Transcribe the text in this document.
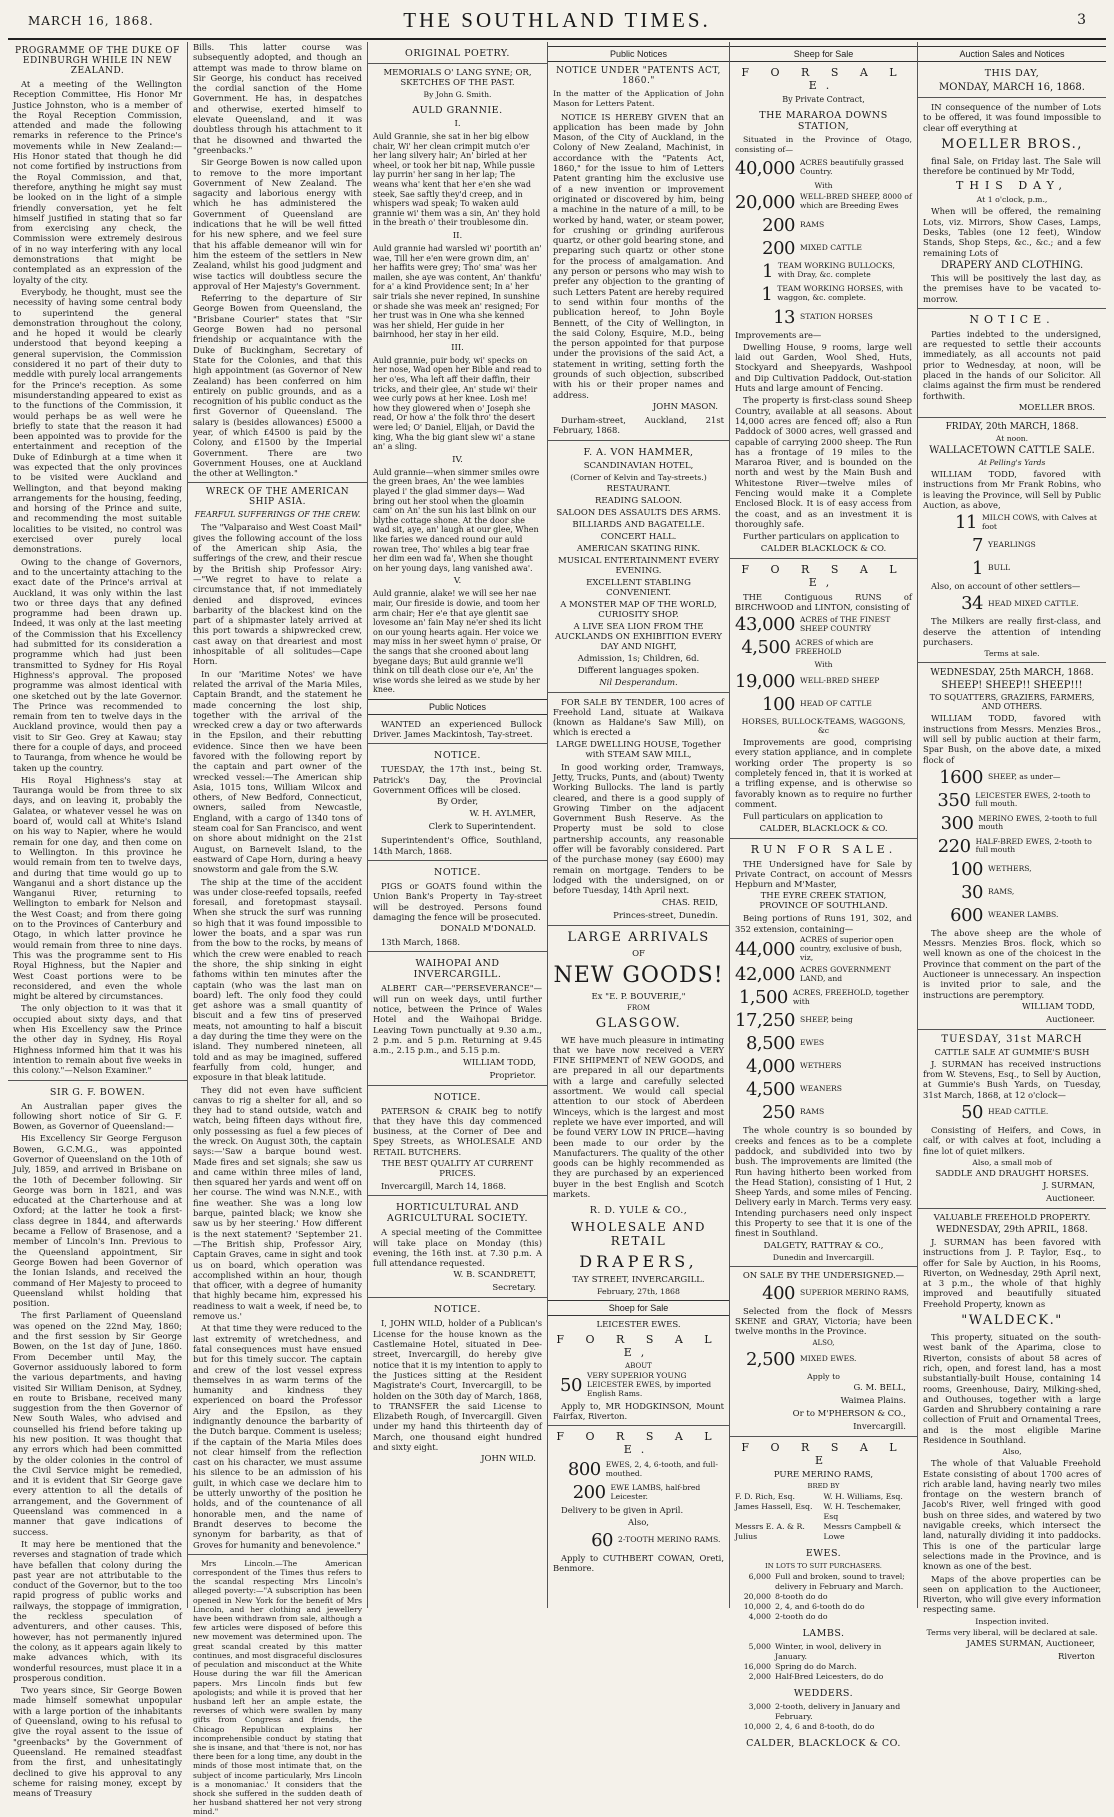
MARCH 16, 1868.	THE SOUTHLAND TIMES.	3
PROGRAMME OF THE DUKE OF EDINBURGH WHILE IN NEW ZEALAND.

At a meeting of the Wellington Reception Committee, His Honor Mr Justice Johnston, who is a member of the Royal Reception Commission, attended and made the following remarks in reference to the Prince's movements while in New Zealand:—His Honor stated that though he did not come fortified by instructions from the Royal Commission, and that, therefore, anything he might say must be looked on in the light of a simple friendly conversation, yet he felt himself justified in stating that so far from exercising any check, the Commission were extremely desirous of in no way interfering with any local demonstrations that might be contemplated as an expression of the loyalty of the city.

Everybody, he thought, must see the necessity of having some central body to superintend the general demonstration throughout the colony, and he hoped it would be clearly understood that beyond keeping a general supervision, the Commission considered it no part of their duty to meddle with purely local arrangements for the Prince's reception. As some misunderstanding appeared to exist as to the functions of the Commission, it would perhaps be as well were he briefly to state that the reason it had been appointed was to provide for the entertainment and reception of the Duke of Edinburgh at a time when it was expected that the only provinces to be visited were Auckland and Wellington, and that beyond making arrangements for the housing, feeding, and horsing of the Prince and suite, and recommending the most suitable localities to be visited, no control was exercised over purely local demonstrations.

Owing to the change of Governors, and to the uncertainty attaching to the exact date of the Prince's arrival at Auckland, it was only within the last two or three days that any defined programme had been drawn up. Indeed, it was only at the last meeting of the Commission that his Excellency had submitted for its consideration a programme which had just been transmitted to Sydney for His Royal Highness's approval. The proposed programme was almost identical with one sketched out by the late Governor. The Prince was recommended to remain from ten to twelve days in the Auckland province, would then pay a visit to Sir Geo. Grey at Kawau; stay there for a couple of days, and proceed to Tauranga, from whence he would be taken up the country.

His Royal Highness's stay at Tauranga would be from three to six days, and on leaving it, probably the Galatea, or whatever vessel he was on board of, would call at White's Island on his way to Napier, where he would remain for one day, and then come on to Wellington. In this province he would remain from ten to twelve days, and during that time would go up to Wanganui and a short distance up the Wanganui River, returning to Wellington to embark for Nelson and the West Coast; and from there going on to the Provinces of Canterbury and Otago, in which latter province he would remain from three to nine days. This was the programme sent to His Royal Highness, but the Napier and West Coast portions were to be reconsidered, and even the whole might be altered by circumstances.

The only objection to it was that it occupied about sixty days, and that when His Excellency saw the Prince the other day in Sydney, His Royal Highness informed him that it was his intention to remain about five weeks in this colony."—Nelson Examiner."

SIR G. F. BOWEN.

An Australian paper gives the following short notice of Sir G. F. Bowen, as Governor of Queensland:—

His Excellency Sir George Ferguson Bowen, G.C.M.G., was appointed Governor of Queensland on the 10th of July, 1859, and arrived in Brisbane on the 10th of December following. Sir George was born in 1821, and was educated at the Charterhouse and at Oxford; at the latter he took a first-class degree in 1844, and afterwards became a Fellow of Brasenose, and a member of Lincoln's Inn. Previous to the Queensland appointment, Sir George Bowen had been Governor of the Ionian Islands, and received the command of Her Majesty to proceed to Queensland whilst holding that position.

The first Parliament of Queensland was opened on the 22nd May, 1860; and the first session by Sir George Bowen, on the 1st day of June, 1860. From December until May, the Governor assiduously labored to form the various departments, and having visited Sir William Denison, at Sydney, en route to Brisbane, received many suggestion from the then Governor of New South Wales, who advised and counselled his friend before taking up his new position. It was thought that any errors which had been committed by the older colonies in the control of the Civil Service might be remedied, and it is evident that Sir George gave every attention to all the details of arrangement, and the Government of Queensland was commenced in a manner that gave indications of success.

It may here be mentioned that the reverses and stagnation of trade which have befallen that colony during the past year are not attributable to the conduct of the Governor, but to the too rapid progress of public works and railways, the stoppage of immigration, the reckless speculation of adventurers, and other causes. This, however, has not permanently injured the colony, as it appears again likely to make advances which, with its wonderful resources, must place it in a prosperous condition.

Two years since, Sir George Bowen made himself somewhat unpopular with a large portion of the inhabitants of Queensland, owing to his refusal to give the royal assent to the issue of "greenbacks" by the Government of Queensland. He remained steadfast from the first, and unhesitatingly declined to give his approval to any scheme for raising money, except by means of Treasury

Bills. This latter course was subsequently adopted, and though an attempt was made to throw blame on Sir George, his conduct has received the cordial sanction of the Home Government. He has, in despatches and otherwise, exerted himself to elevate Queensland, and it was doubtless through his attachment to it that he disowned and thwarted the "greenbacks."

Sir George Bowen is now called upon to remove to the more important Government of New Zealand. The sagacity and laborious energy with which he has administered the Government of Queensland are indications that he will be well fitted for his new sphere, and we feel sure that his affable demeanor will win for him the esteem of the settlers in New Zealand, whilst his good judgment and wise tactics will doubtless secure the approval of Her Majesty's Government.

Referring to the departure of Sir George Bowen from Queensland, the "Brisbane Courier" states that "Sir George Bowen had no personal friendship or acquaintance with the Duke of Buckingham, Secretary of State for the Colonies, and that this high appointment (as Governor of New Zealand) has been conferred on him entirely on public grounds, and as a recognition of his public conduct as the first Governor of Queensland. The salary is (besides allowances) £5000 a year, of which £4500 is paid by the Colony, and £1500 by the Imperial Government. There are two Government Houses, one at Auckland the other at Wellington."

WRECK OF THE AMERICAN SHIP ASIA.
FEARFUL SUFFERINGS OF THE CREW.

The "Valparaiso and West Coast Mail" gives the following account of the loss of the American ship Asia, the sufferings of the crew, and their rescue by the British ship Professor Airy:—"We regret to have to relate a circumstance that, if not immediately denied and disproved, evinces barbarity of the blackest kind on the part of a shipmaster lately arrived at this port towards a shipwrecked crew, cast away on that dreariest and most inhospitable of all solitudes—Cape Horn.

In our 'Maritime Notes' we have related the arrival of the Maria Miles, Captain Brandt, and the statement he made concerning the lost ship, together with the arrival of the wrecked crew a day or two afterwards in the Epsilon, and their rebutting evidence. Since then we have been favored with the following report by the captain and part owner of the wrecked vessel:—The American ship Asia, 1015 tons, William Wilcox and others, of New Bedford, Connecticut, owners, sailed from Newcastle, England, with a cargo of 1340 tons of steam coal for San Francisco, and went on shore about midnight on the 21st August, on Barnevelt Island, to the eastward of Cape Horn, during a heavy snowstorm and gale from the S.W.

The ship at the time of the accident was under close-reefed topsails, reefed foresail, and foretopmast staysail. When she struck the surf was running so high that it was found impossible to lower the boats, and a spar was run from the bow to the rocks, by means of which the crew were enabled to reach the shore, the ship sinking in eight fathoms within ten minutes after the captain (who was the last man on board) left. The only food they could get ashore was a small quantity of biscuit and a few tins of preserved meats, not amounting to half a biscuit a day during the time they were on the island. They numbered nineteen, all told and as may be imagined, suffered fearfully from cold, hunger, and exposure in that bleak latitude.

They did not even have sufficient canvas to rig a shelter for all, and so they had to stand outside, watch and watch, being fifteen days without fire, only possessing as fuel a few pieces of the wreck. On August 30th, the captain says:—'Saw a barque bound west. Made fires and set signals; she saw us and came within three miles of land, then squared her yards and went off on her course. The wind was N.N.E., with fine weather. She was a long low barque, painted black; we know she saw us by her steering.' How different is the next statement? 'September 21.—The British ship, Professor Airy, Captain Graves, came in sight and took us on board, which operation was accomplished within an hour, though that officer, with a degree of humanity that highly became him, expressed his readiness to wait a week, if need be, to remove us.'

At that time they were reduced to the last extremity of wretchedness, and fatal consequences must have ensued but for this timely succor. The captain and crew of the lost vessel express themselves in as warm terms of the humanity and kindness they experienced on board the Professor Airy and the Epsilon, as they indignantly denounce the barbarity of the Dutch barque. Comment is useless; if the captain of the Maria Miles does not clear himself from the reflection cast on his character, we must assume his silence to be an admission of his guilt, in which case we declare him to be utterly unworthy of the position he holds, and of the countenance of all honorable men, and the name of Brandt deserves to become the synonym for barbarity, as that of Groves for humanity and benevolence."

Mrs Lincoln.—The American correspondent of the Times thus refers to the scandal respecting Mrs Lincoln's alleged poverty:—"A subscription has been opened in New York for the benefit of Mrs Lincoln, and her clothing and jewellery have been withdrawn from sale, although a few articles were disposed of before this new movement was determined upon. The great scandal created by this matter continues, and most disgraceful disclosures of peculation and misconduct at the White House during the war fill the American papers. Mrs Lincoln finds but few apologists; and while it is proved that her husband left her an ample estate, the reverses of which were swallen by many gifts from Congress and friends, the Chicago Republican explains her incomprehensible conduct by stating that she is insane, and that 'there is not, nor has there been for a long time, any doubt in the minds of those most intimate that, on the subject of income particularly, Mrs Lincoln is a monomaniac.' It considers that the shock she suffered in the sudden death of her husband shattered her not very strong mind."

ORIGINAL POETRY.
MEMORIALS O' LANG SYNE; OR, SKETCHES OF THE PAST.
By John G. Smith.
AULD GRANNIE.
I.

Auld Grannie, she sat in her big elbow chair, Wi' her clean crimpit mutch o'er her lang silvery hair; An' birled at her wheel, or took her bit nap, While pussie lay purrin' her sang in her lap; The weans wha' kent that her e'en she wad steek, Sae saftly they'd creep, and in whispers wad speak; To waken auld grannie wi' them was a sin, An' they hold in the breath o' their troublesome din.

II.

Auld grannie had warsled wi' poortith an' wae, Till her e'en were grown dim, an' her haffits were grey; Tho' sma' was her mailen, she aye was content, An' thankfu' for a' a kind Providence sent; In a' her sair trials she never repined, In sunshine or shade she was meek an' resigned; For her trust was in One wha she kenned was her shield, Her guide in her bairnhood, her stay in her eild.

III.

Auld grannie, puir body, wi' specks on her nose, Wad open her Bible and read to her o'es, Wha left aff their daffin, their tricks, and their glee, An' stude wi' their wee curly pows at her knee. Losh me! how they glowered when o' Joseph she read, Or how a' the folk thro' the desert were led; O' Daniel, Elijah, or David the king, Wha the big giant slew wi' a stane an' a sling.

IV.

Auld grannie—when simmer smiles owre the green braes, An' the wee lambies played i' the glad simmer days— Wad bring out her stool when the gloamin cam' on An' the sun his last blink on our blythe cottage shone. At the door she wad sit, aye, an' laugh at our glee, When like faries we danced round our auld rowan tree, Tho' whiles a big tear frae her dim een wad fa', When she thought on her young days, lang vanished awa'.

V.

Auld grannie, alake! we will see her nae mair, Our fireside is dowie, and toom her arm chair; Her e'e that aye glentit sae lovesome an' fain May ne'er shed its licht on our young hearts again. Her voice we may miss in her sweet hymn o' praise, Or the sangs that she crooned about lang byegane days; But auld grannie we'll think on till death close our e'e, An' the wise words she leired as we stude by her knee.

Public Notices

WANTED an experienced Bullock Driver. James Mackintosh, Tay-street.

NOTICE.

TUESDAY, the 17th inst., being St. Patrick's Day, the Provincial Government Offices will be closed.

By Order,
W. H. AYLMER,
Clerk to Superintendent.

Superintendent's Office, Southland, 14th March, 1868.

NOTICE.

PIGS or GOATS found within the Union Bank's Property in Tay-street will be destroyed. Persons found damaging the fence will be prosecuted.

DONALD M'DONALD.

13th March, 1868.

WAIHOPAI AND INVERCARGILL.

ALBERT CAR—"PERSEVERANCE"—will run on week days, until further notice, between the Prince of Wales Hotel and the Waihopai Bridge. Leaving Town punctually at 9.30 a.m., 2 p.m. and 5 p.m. Returning at 9.45 a.m., 2.15 p.m., and 5.15 p.m.

WILLIAM TODD,
Proprietor.
NOTICE.

PATERSON & CRAIK beg to notify that they have this day commenced business, at the Corner of Dee and Spey Streets, as WHOLESALE AND RETAIL BUTCHERS.

THE BEST QUALITY AT CURRENT PRICES.

Invercargill, March 14, 1868.

HORTICULTURAL AND AGRICULTURAL SOCIETY.

A special meeting of the Committee will take place on Monday (this) evening, the 16th inst. at 7.30 p.m. A full attendance requested.

W. B. SCANDRETT,
Secretary.
NOTICE.

I, JOHN WILD, holder of a Publican's License for the house known as the Castlemaine Hotel, situated in Dee-street, Invercargill, do hereby give notice that it is my intention to apply to the Justices sitting at the Resident Magistrate's Court, Invercargill, to be holden on the 30th day of March, 1868, to TRANSFER the said License to Elizabeth Rough, of Invercargill. Given under my hand this thirteenth day of March, one thousand eight hundred and sixty eight.

JOHN WILD.
Public Notices
NOTICE UNDER "PATENTS ACT, 1860."

In the matter of the Application of John Mason for Letters Patent.

NOTICE IS HEREBY GIVEN that an application has been made by John Mason, of the City of Auckland, in the Colony of New Zealand, Machinist, in accordance with the "Patents Act, 1860," for the issue to him of Letters Patent granting him the exclusive use of a new invention or improvement originated or discovered by him, being a machine in the nature of a mill, to be worked by hand, water, or steam power, for crushing or grinding auriferous quartz, or other gold bearing stone, and preparing such quartz or other stone for the process of amalgamation. And any person or persons who may wish to prefer any objection to the granting of such Letters Patent are hereby required to send within four months of the publication hereof, to John Boyle Bennett, of the City of Wellington, in the said Colony, Esquire, M.D., being the person appointed for that purpose under the provisions of the said Act, a statement in writing, setting forth the grounds of such objection, subscribed with his or their proper names and address.

JOHN MASON.

Durham-street, Auckland, 21st February, 1868.

F. A. VON HAMMER,
SCANDINAVIAN HOTEL,
(Corner of Kelvin and Tay-streets.)
RESTAURANT.
READING SALOON.
SALOON DES ASSAULTS DES ARMS.
BILLIARDS AND BAGATELLE.
CONCERT HALL.
AMERICAN SKATING RINK.
MUSICAL ENTERTAINMENT EVERY EVENING.
EXCELLENT STABLING CONVENIENT.
A MONSTER MAP OF THE WORLD, CURIOSITY SHOP.
A LIVE SEA LION FROM THE AUCKLANDS ON EXHIBITION EVERY DAY AND NIGHT,
Admission, 1s; Children, 6d.
Different languages spoken.
Nil Desperandum.

FOR SALE BY TENDER, 100 acres of Freehold Land, situate at Waikava (known as Haldane's Saw Mill), on which is erected a

LARGE DWELLING HOUSE, Together with STEAM SAW MILL,

In good working order, Tramways, Jetty, Trucks, Punts, and (about) Twenty Working Bullocks. The land is partly cleared, and there is a good supply of Growing Timber on the adjacent Government Bush Reserve. As the Property must be sold to close partnership accounts, any reasonable offer will be favorably considered. Part of the purchase money (say £600) may remain on mortgage. Tenders to be lodged with the undersigned, on or before Tuesday, 14th April next.

CHAS. REID,
Princes-street, Dunedin.
LARGE ARRIVALS
OF
NEW GOODS!
Ex "E. P. BOUVERIE,"
FROM
GLASGOW.

WE have much pleasure in intimating that we have now received a VERY FINE SHIPMENT of NEW GOODS, and are prepared in all our departments with a large and carefully selected assortment. We would call special attention to our stock of Aberdeen Winceys, which is the largest and most replete we have ever imported, and will be found VERY LOW IN PRICE—having been made to our order by the Manufacturers. The quality of the other goods can be highly recommended as they are purchased by an experienced buyer in the best English and Scotch markets.

R. D. YULE & CO.,
WHOLESALE AND RETAIL
DRAPERS,
TAY STREET, INVERCARGILL.
February, 27th, 1868
Shoep for Sale
LEICESTER EWES.
F O R S A L E,
ABOUT
50 VERY SUPERIOR YOUNG LEICESTER EWES, by imported English Rams.

Apply to, MR HODGKINSON, Mount Fairfax, Riverton.

F O R S A L E.
800 EWES, 2, 4, 6-tooth, and full-mouthed.
200 EWE LAMBS, half-bred Leicester.

Delivery to be given in April.

Also,
60 2-TOOTH MERINO RAMS.

Apply to CUTHBERT COWAN, Oreti, Benmore.

Sheep for Sale
F O R S A L E.
By Private Contract,
THE MARAROA DOWNS STATION,

Situated in the Province of Otago, consisting of—

40,000 ACRES beautifully grassed Country.
With
20,000 WELL-BRED SHEEP, 8000 of which are Breeding Ewes
200 RAMS
200 MIXED CATTLE
1 TEAM WORKING BULLOCKS, with Dray, &c. complete
1 TEAM WORKING HORSES, with waggon, &c. complete.
13 STATION HORSES

Improvements are—

Dwelling House, 9 rooms, large well laid out Garden, Wool Shed, Huts, Stockyard and Sheepyards, Washpool and Dip Cultivation Paddock, Out-station Huts and large amount of Fencing.

The property is first-class sound Sheep Country, available at all seasons. About 14,000 acres are fenced off; also a Run Paddock of 3000 acres, well grassed and capable of carrying 2000 sheep. The Run has a frontage of 19 miles to the Mararoa River, and is bounded on the north and west by the Main Bush and Whitestone River—twelve miles of Fencing would make it a Complete Enclosed Block. It is of easy access from the coast, and as an investment it is thoroughly safe.

Further particulars on application to

CALDER BLACKLOCK & CO.
F O R S A L E,

THE Contiguous RUNS of BIRCHWOOD and LINTON, consisting of

43,000 ACRES of THE FINEST SHEEP COUNTRY
4,500 ACRES of which are FREEHOLD
With
19,000 WELL-BRED SHEEP
100 HEAD OF CATTLE
HORSES, BULLOCK-TEAMS, WAGGONS, &c

Improvements are good, comprising every station appliance, and in complete working order The property is so completely fenced in, that it is worked at a trifling expense, and is otherwise so favorably known as to require no further comment.

Full particulars on application to

CALDER, BLACKLOCK & CO.
RUN FOR SALE.

THE Undersigned have for Sale by Private Contract, on account of Messrs Hepburn and M'Master,

THE EYRE CREEK STATION, PROVINCE OF SOUTHLAND.

Being portions of Runs 191, 302, and 352 extension, containing—

44,000 ACRES of superior open country, exclusive of bush, viz,
42,000 ACRES GOVERNMENT LAND, and
1,500 ACRES, FREEHOLD, together with
17,250 SHEEP, being
8,500 EWES
4,000 WETHERS
4,500 WEANERS
250 RAMS

The whole country is so bounded by creeks and fences as to be a complete paddock, and subdivided into two by bush. The improvements are limited (the Run having hitherto been worked from the Head Station), consisting of 1 Hut, 2 Sheep Yards, and some miles of Fencing. Delivery early in March. Terms very easy. Intending purchasers need only inspect this Property to see that it is one of the finest in Southland.

DALGETY, RATTRAY & CO.,
Dunedin and Invercargill.
ON SALE BY THE UNDERSIGNED.—
400 SUPERIOR MERINO RAMS,

Selected from the flock of Messrs SKENE and GRAY, Victoria; have been twelve months in the Province.

ALSO,
2,500 MIXED EWES.
Apply to
G. M. BELL,
Waimea Plains.
Or to M'PHERSON & CO.,
Invercargill.
F O R S A L E
PURE MERINO RAMS,
BRED BY
F. D. Rich, Esq.	W. H. Williams, Esq.
James Hassell, Esq.	W. H. Teschemaker, Esq
Messrs E. A. & R. Julius
Messrs Campbell & Lowe
EWES.
IN LOTS TO SUIT PURCHASERS.
6,000 Full and broken, sound to travel; delivery in February and March.
20,000 8-tooth do do
10,000 2, 4, and 6-tooth do do
4,000 2-tooth do do
LAMBS.
5,000 Winter, in wool, delivery in January.
16,000 Spring do do March.
2,000 Half-Bred Leicesters, do do
WEDDERS.
3,000 2-tooth, delivery in January and February.
10,000 2, 4, 6 and 8-tooth, do do
CALDER, BLACKLOCK & CO.
Auction Sales and Notices
THIS DAY,
MONDAY, MARCH 16, 1868.

IN consequence of the number of Lots to be offered, it was found impossible to clear off everything at

MOELLER BROS.,

final Sale, on Friday last. The Sale will therefore be continued by Mr Todd,

THIS DAY,
At 1 o'clock, p.m.,

When will be offered, the remaining Lots, viz. Mirrors, Show Cases, Lamps, Desks, Tables (one 12 feet), Window Stands, Shop Steps, &c., &c.; and a few remaining Lots of

DRAPERY AND CLOTHING.

This will be positively the last day, as the premises have to be vacated to-morrow.

NOTICE.

Parties indebted to the undersigned, are requested to settle their accounts immediately, as all accounts not paid prior to Wednesday, at noon, will be placed in the hands of our Solicitor. All claims against the firm must be rendered forthwith.

MOELLER BROS.
FRIDAY, 20th MARCH, 1868.
At noon.
WALLACETOWN CATTLE SALE.
At Pelling's Yards

WILLIAM TODD, favored with instructions from Mr Frank Robins, who is leaving the Province, will Sell by Public Auction, as above,

11 MILCH COWS, with Calves at foot
7 YEARLINGS
1 BULL

Also, on account of other settlers—

34 HEAD MIXED CATTLE.

The Milkers are really first-class, and deserve the attention of intending purchasers.

Terms at sale.
WEDNESDAY, 25th MARCH, 1868.
SHEEP! SHEEP!! SHEEP!!!
TO SQUATTERS, GRAZIERS, FARMERS, AND OTHERS.

WILLIAM TODD, favored with instructions from Messrs. Menzies Bros., will sell by public auction at their farm, Spar Bush, on the above date, a mixed flock of

1600 SHEEP, as under—
350 LEICESTER EWES, 2-tooth to full mouth.
300 MERINO EWES, 2-tooth to full mouth
220 HALF-BRED EWES, 2-tooth to full mouth
100 WETHERS,
30 RAMS,
600 WEANER LAMBS.

The above sheep are the whole of Messrs. Menzies Bros. flock, which so well known as one of the choicest in the Province that comment on the part of the Auctioneer is unnecessary. An inspection is invited prior to sale, and the instructions are peremptory.

WILLIAM TODD,
Auctioneer.
TUESDAY, 31st MARCH
CATTLE SALE AT GUMMIE'S BUSH

J. SURMAN has received instructions from W. Stevens, Esq., to Sell by Auction, at Gummie's Bush Yards, on Tuesday, 31st March, 1868, at 12 o'clock—

50 HEAD CATTLE.

Consisting of Heifers, and Cows, in calf, or with calves at foot, including a fine lot of quiet milkers.

Also, a small mob of
SADDLE AND DRAUGHT HORSES.
J. SURMAN,
Auctioneer.
VALUABLE FREEHOLD PROPERTY.
WEDNESDAY, 29th APRIL, 1868.

J. SURMAN has been favored with instructions from J. P. Taylor, Esq., to offer for Sale by Auction, in his Rooms, Riverton, on Wednesday, 29th April next, at 3 p.m., the whole of that highly improved and beautifully situated Freehold Property, known as

"WALDECK."

This property, situated on the south-west bank of the Aparima, close to Riverton, consists of about 58 acres of rich, open, and forest land, has a most substantially-built House, containing 14 rooms, Greenhouse, Dairy, Milking-shed, and Outhouses, together with a large Garden and Shrubbery containing a rare collection of Fruit and Ornamental Trees, and is the most eligible Marine Residence in Southland.

Also,

The whole of that Valuable Freehold Estate consisting of about 1700 acres of rich arable land, having nearly two miles frontage on the western branch of Jacob's River, well fringed with good bush on three sides, and watered by two navigable creeks, which intersect the land, naturally dividing it into paddocks. This is one of the particular large selections made in the Province, and is known as one of the best.

Maps of the above properties can be seen on application to the Auctioneer, Riverton, who will give every information respecting same.

Inspection invited.
Terms very liberal, will be declared at sale.
JAMES SURMAN, Auctioneer,
Riverton
